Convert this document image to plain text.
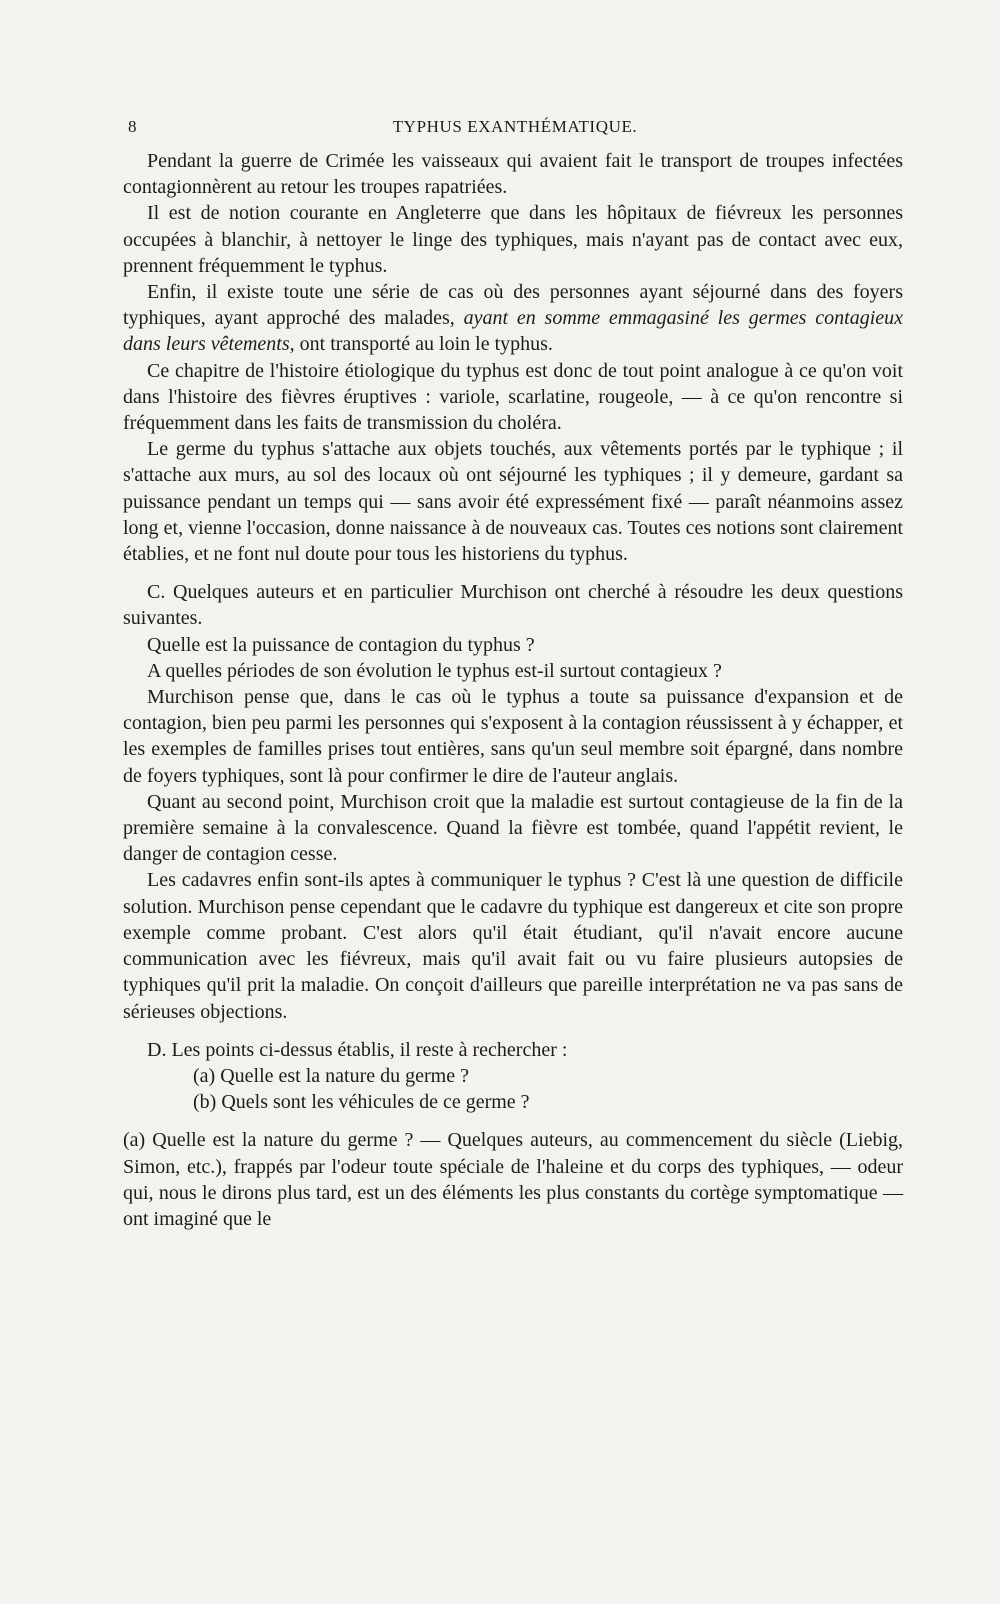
8	TYPHUS EXANTHÉMATIQUE.

Pendant la guerre de Crimée les vaisseaux qui avaient fait le transport de troupes infectées contagionnèrent au retour les troupes rapatriées.

Il est de notion courante en Angleterre que dans les hôpitaux de fiévreux les personnes occupées à blanchir, à nettoyer le linge des typhiques, mais n'ayant pas de contact avec eux, prennent fréquemment le typhus.

Enfin, il existe toute une série de cas où des personnes ayant séjourné dans des foyers typhiques, ayant approché des malades, ayant en somme emmagasiné les germes contagieux dans leurs vêtements, ont transporté au loin le typhus.

Ce chapitre de l'histoire étiologique du typhus est donc de tout point analogue à ce qu'on voit dans l'histoire des fièvres éruptives : variole, scarlatine, rougeole, — à ce qu'on rencontre si fréquemment dans les faits de transmission du choléra.

Le germe du typhus s'attache aux objets touchés, aux vêtements portés par le typhique ; il s'attache aux murs, au sol des locaux où ont séjourné les typhiques ; il y demeure, gardant sa puissance pendant un temps qui — sans avoir été expressément fixé — paraît néanmoins assez long et, vienne l'occasion, donne naissance à de nouveaux cas. Toutes ces notions sont clairement établies, et ne font nul doute pour tous les historiens du typhus.

C. Quelques auteurs et en particulier Murchison ont cherché à résoudre les deux questions suivantes.

Quelle est la puissance de contagion du typhus ?

A quelles périodes de son évolution le typhus est-il surtout contagieux ?

Murchison pense que, dans le cas où le typhus a toute sa puissance d'expansion et de contagion, bien peu parmi les personnes qui s'exposent à la contagion réussissent à y échapper, et les exemples de familles prises tout entières, sans qu'un seul membre soit épargné, dans nombre de foyers typhiques, sont là pour confirmer le dire de l'auteur anglais.

Quant au second point, Murchison croit que la maladie est surtout contagieuse de la fin de la première semaine à la convalescence. Quand la fièvre est tombée, quand l'appétit revient, le danger de contagion cesse.

Les cadavres enfin sont-ils aptes à communiquer le typhus ? C'est là une question de difficile solution. Murchison pense cependant que le cadavre du typhique est dangereux et cite son propre exemple comme probant. C'est alors qu'il était étudiant, qu'il n'avait encore aucune communication avec les fiévreux, mais qu'il avait fait ou vu faire plusieurs autopsies de typhiques qu'il prit la maladie. On conçoit d'ailleurs que pareille interprétation ne va pas sans de sérieuses objections.

D. Les points ci-dessus établis, il reste à rechercher :

(a) Quelle est la nature du germe ?

(b) Quels sont les véhicules de ce germe ?

(a) Quelle est la nature du germe ? — Quelques auteurs, au commencement du siècle (Liebig, Simon, etc.), frappés par l'odeur toute spéciale de l'haleine et du corps des typhiques, — odeur qui, nous le dirons plus tard, est un des éléments les plus constants du cortège symptomatique — ont imaginé que le
